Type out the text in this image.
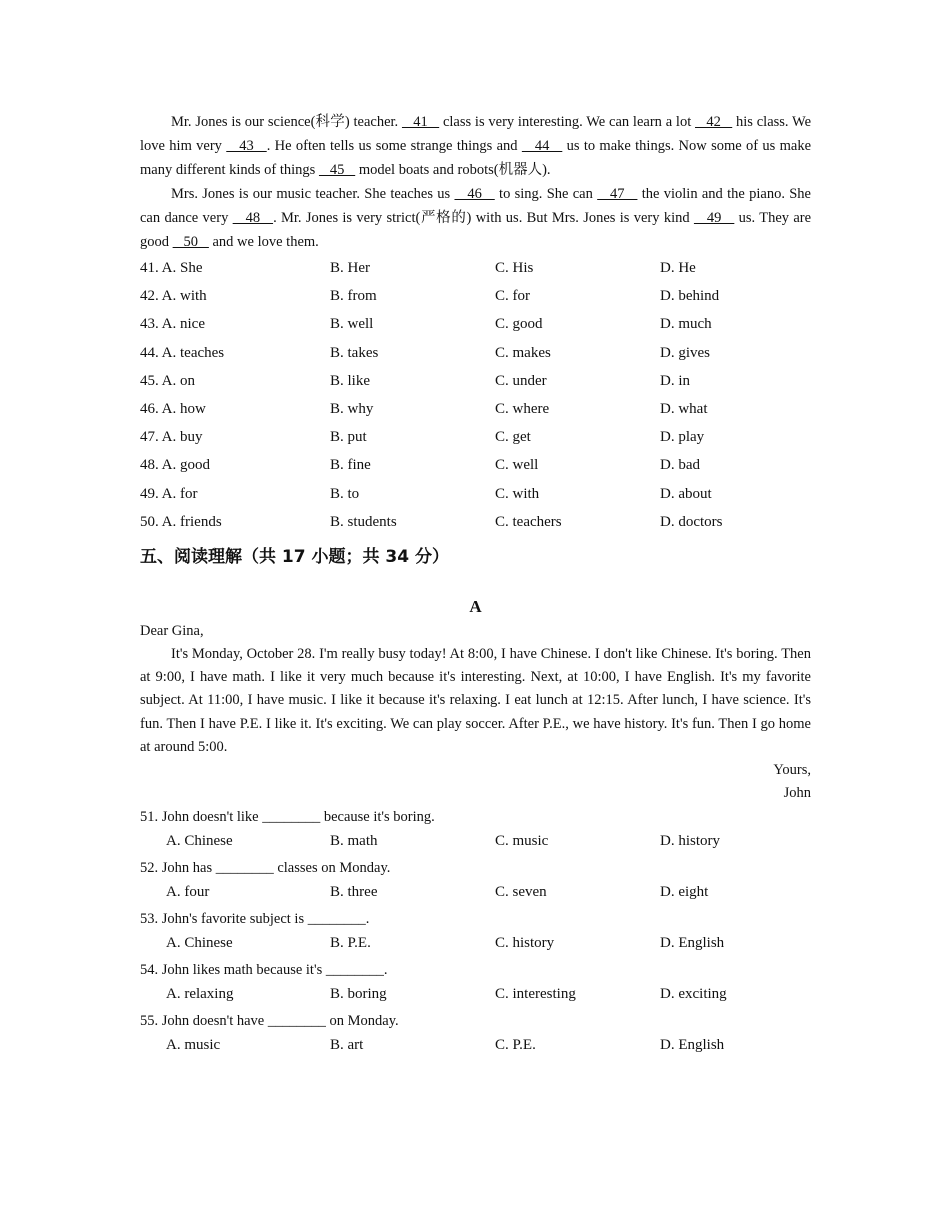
Mr. Jones is our science(科学) teacher.    41    class is very interesting. We can learn a lot    42    his class. We love him very    43   . He often tells us some strange things and    44    us to make things. Now some of us make many different kinds of things    45    model boats and robots(机器人).

Mrs. Jones is our music teacher. She teaches us    46    to sing. She can    47    the violin and the piano. She can dance very    48   . Mr. Jones is very strict(严格的) with us. But Mrs. Jones is very kind    49    us. They are good    50    and we love them.

41. A. She	B. Her	C. His	D. He
42. A. with	B. from	C. for	D. behind
43. A. nice	B. well	C. good	D. much
44. A. teaches	B. takes	C. makes	D. gives
45. A. on	B. like	C. under	D. in
46. A. how	B. why	C. where	D. what
47. A. buy	B. put	C. get	D. play
48. A. good	B. fine	C. well	D. bad
49. A. for	B. to	C. with	D. about
50. A. friends	B. students	C. teachers	D. doctors
五、阅读理解（共 17 小题；共 34 分）
A
Dear Gina,

It's Monday, October 28. I'm really busy today! At 8:00, I have Chinese. I don't like Chinese. It's boring. Then at 9:00, I have math. I like it very much because it's interesting. Next, at 10:00, I have English. It's my favorite subject. At 11:00, I have music. I like it because it's relaxing. I eat lunch at 12:15. After lunch, I have science. It's fun. Then I have P.E. I like it. It's exciting. We can play soccer. After P.E., we have history. It's fun. Then I go home at around 5:00.

Yours,
John
51. John doesn't like ________ because it's boring.
A. Chinese	B. math	C. music	D. history
52. John has ________ classes on Monday.
A. four	B. three	C. seven	D. eight
53. John's favorite subject is ________.
A. Chinese	B. P.E.	C. history	D. English
54. John likes math because it's ________.
A. relaxing	B. boring	C. interesting	D. exciting
55. John doesn't have ________ on Monday.
A. music	B. art	C. P.E.	D. English
